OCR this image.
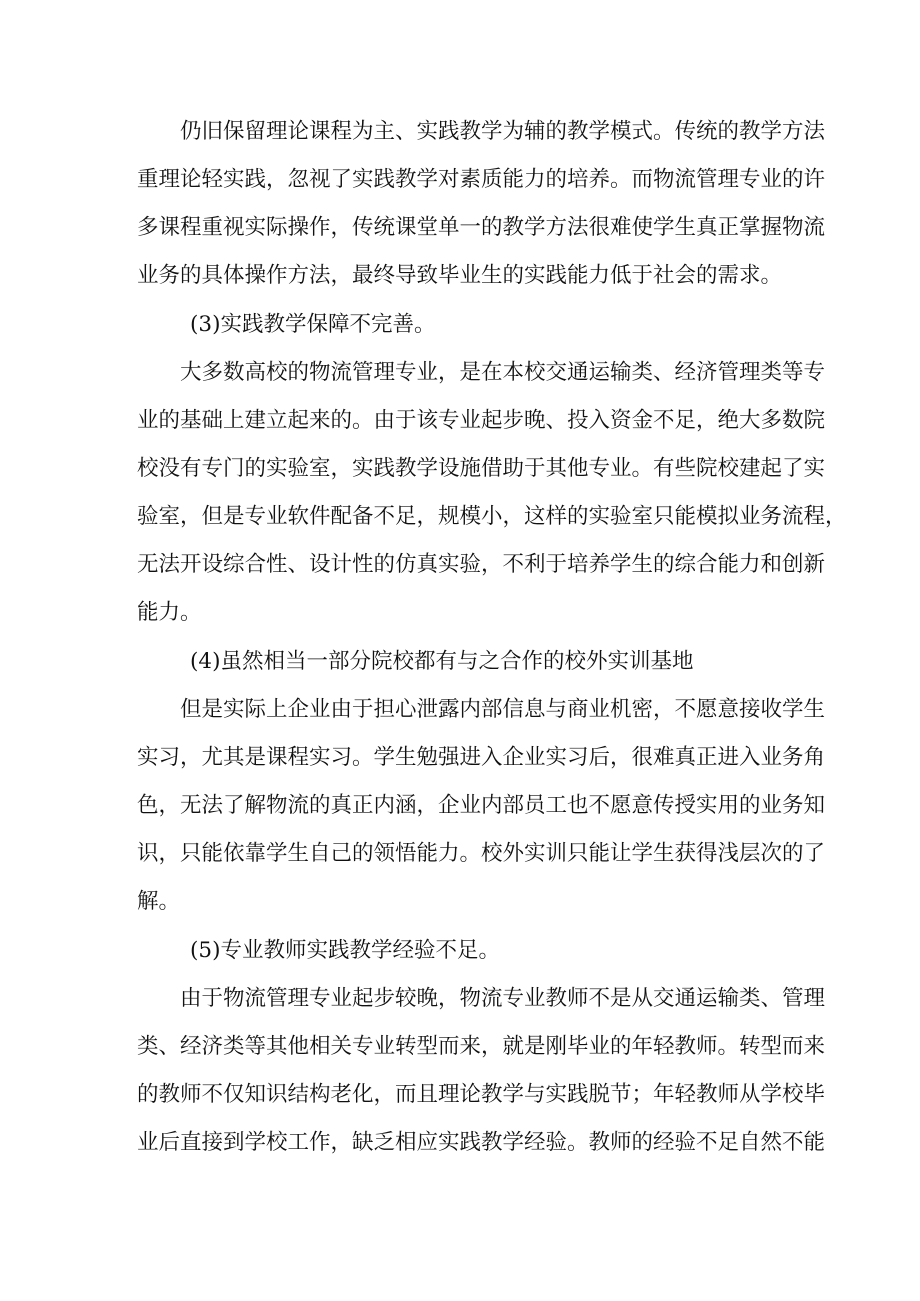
仍旧保留理论课程为主、实践教学为辅的教学模式。传统的教学方法
重理论轻实践，忽视了实践教学对素质能力的培养。而物流管理专业的许
多课程重视实际操作，传统课堂单一的教学方法很难使学生真正掌握物流
业务的具体操作方法，最终导致毕业生的实践能力低于社会的需求。
(3)实践教学保障不完善。
大多数高校的物流管理专业，是在本校交通运输类、经济管理类等专
业的基础上建立起来的。由于该专业起步晚、投入资金不足，绝大多数院
校没有专门的实验室，实践教学设施借助于其他专业。有些院校建起了实
验室，但是专业软件配备不足，规模小，这样的实验室只能模拟业务流程，
无法开设综合性、设计性的仿真实验，不利于培养学生的综合能力和创新
能力。
(4)虽然相当一部分院校都有与之合作的校外实训基地
但是实际上企业由于担心泄露内部信息与商业机密，不愿意接收学生
实习，尤其是课程实习。学生勉强进入企业实习后，很难真正进入业务角
色，无法了解物流的真正内涵，企业内部员工也不愿意传授实用的业务知
识，只能依靠学生自己的领悟能力。校外实训只能让学生获得浅层次的了
解。
(5)专业教师实践教学经验不足。
由于物流管理专业起步较晚，物流专业教师不是从交通运输类、管理
类、经济类等其他相关专业转型而来，就是刚毕业的年轻教师。转型而来
的教师不仅知识结构老化，而且理论教学与实践脱节；年轻教师从学校毕
业后直接到学校工作，缺乏相应实践教学经验。教师的经验不足自然不能
